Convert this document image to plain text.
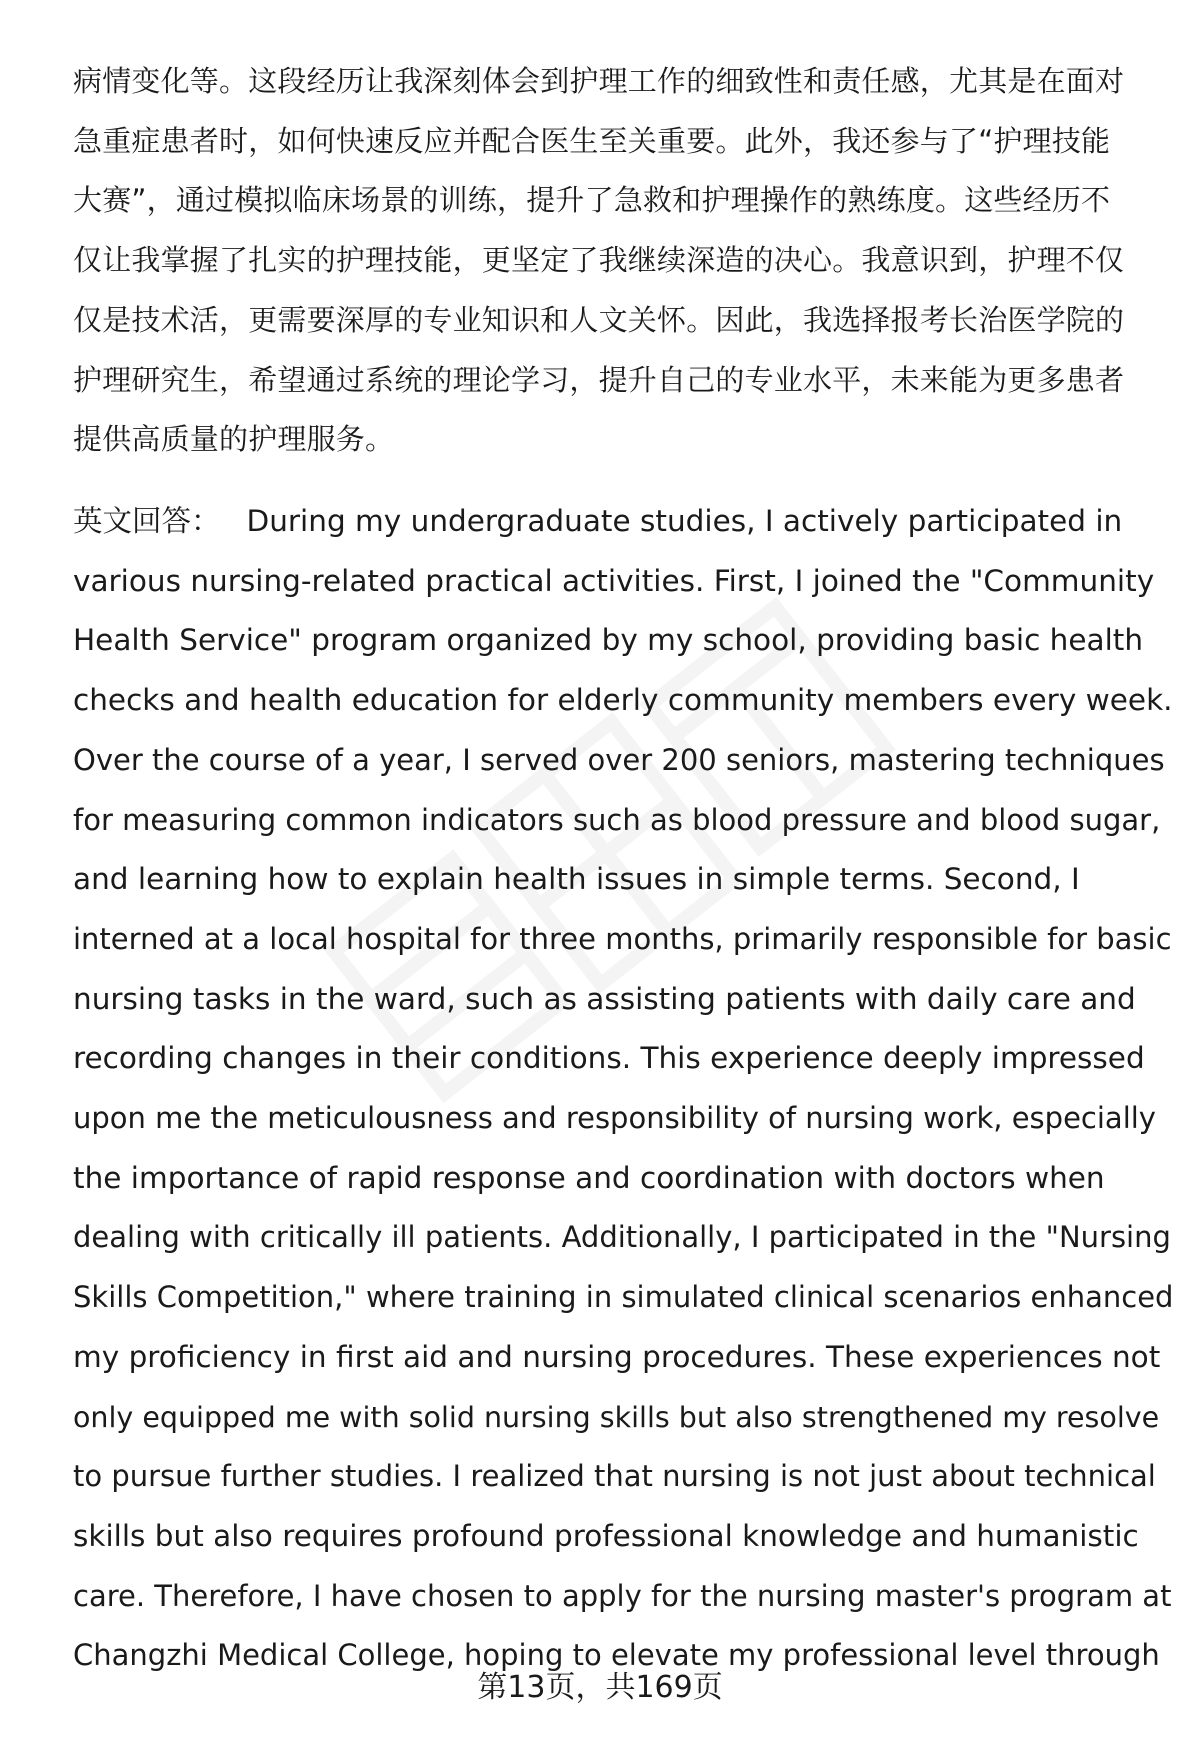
病情变化等。这段经历让我深刻体会到护理工作的细致性和责任感，尤其是在面对
急重症患者时，如何快速反应并配合医生至关重要。此外，我还参与了“护理技能
大赛”，通过模拟临床场景的训练，提升了急救和护理操作的熟练度。这些经历不
仅让我掌握了扎实的护理技能，更坚定了我继续深造的决心。我意识到，护理不仅
仅是技术活，更需要深厚的专业知识和人文关怀。因此，我选择报考长治医学院的
护理研究生，希望通过系统的理论学习，提升自己的专业水平，未来能为更多患者
提供高质量的护理服务。
英文回答： During my undergraduate studies, I actively participated in
various nursing-related practical activities. First, I joined the "Community
Health Service" program organized by my school, providing basic health
checks and health education for elderly community members every week.
Over the course of a year, I served over 200 seniors, mastering techniques
for measuring common indicators such as blood pressure and blood sugar,
and learning how to explain health issues in simple terms. Second, I
interned at a local hospital for three months, primarily responsible for basic
nursing tasks in the ward, such as assisting patients with daily care and
recording changes in their conditions. This experience deeply impressed
upon me the meticulousness and responsibility of nursing work, especially
the importance of rapid response and coordination with doctors when
dealing with critically ill patients. Additionally, I participated in the "Nursing
Skills Competition," where training in simulated clinical scenarios enhanced
my proficiency in first aid and nursing procedures. These experiences not
only equipped me with solid nursing skills but also strengthened my resolve
to pursue further studies. I realized that nursing is not just about technical
skills but also requires profound professional knowledge and humanistic
care. Therefore, I have chosen to apply for the nursing master's program at
Changzhi Medical College, hoping to elevate my professional level through
第13页，共169页
